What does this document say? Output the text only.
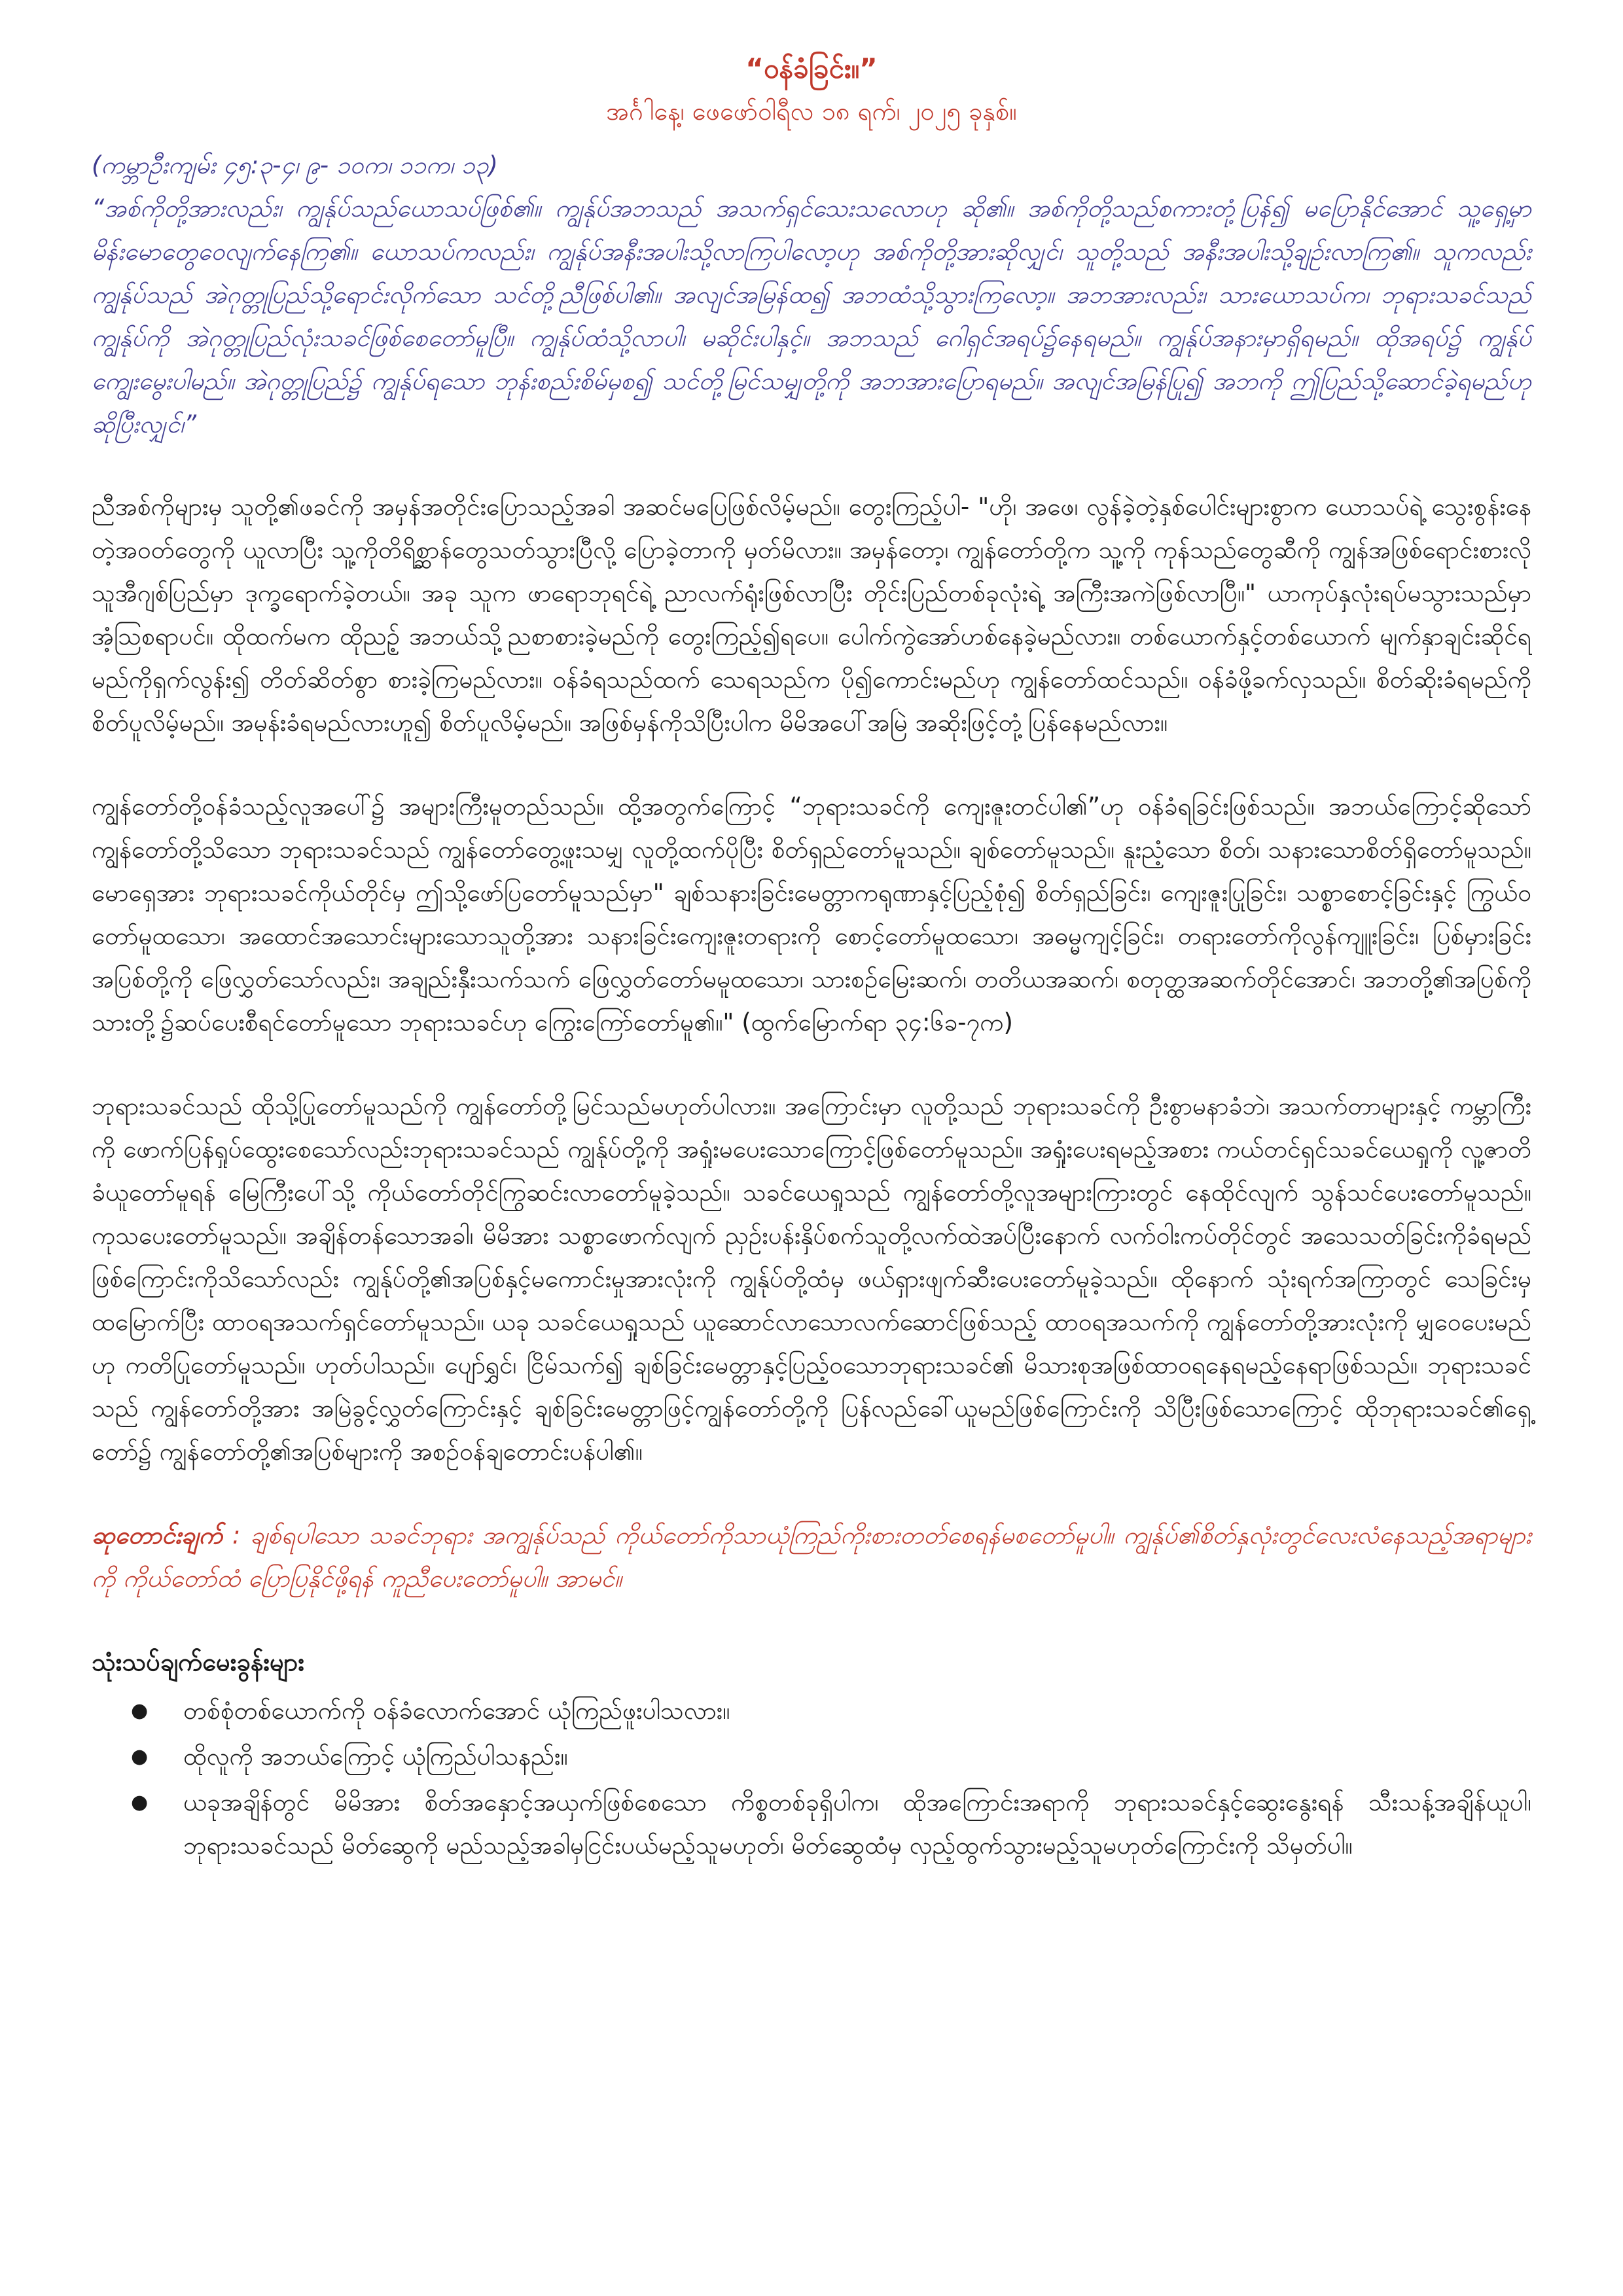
“ဝန်ခံခြင်း။”

အင်္ဂါနေ့၊ ဖေဖော်ဝါရီလ ၁၈ ရက်၊ ၂၀၂၅ ခုနှစ်။

(ကမ္ဘာဦးကျမ်း ၄၅:၃-၄၊ ၉- ၁၀က၊ ၁၁က၊ ၁၃)

“အစ်ကိုတို့အားလည်း၊ ကျွန်ုပ်သည်ယောသပ်ဖြစ်၏။ ကျွန်ုပ်အဘသည် အသက်ရှင်သေးသလောဟု ဆို၏။ အစ်ကိုတို့သည်စကားတုံ့ပြန်၍ မပြောနိုင်အောင် သူ့ရှေ့မှာ မိန်းမောတွေဝေလျက်နေကြ၏။ ယောသပ်ကလည်း၊ ကျွန်ုပ်အနီးအပါးသို့လာကြပါလော့ဟု အစ်ကိုတို့အားဆိုလျှင်၊ သူတို့သည် အနီးအပါးသို့ချဉ်းလာကြ၏။ သူကလည်းကျွန်ုပ်သည် အဲဂုတ္တုပြည်သို့ရောင်းလိုက်သော သင်တို့ညီဖြစ်ပါ၏။ အလျင်အမြန်ထ၍ အဘထံသို့သွားကြလော့။ အဘအားလည်း၊ သားယောသပ်က၊ ဘုရားသခင်သည် ကျွန်ုပ်ကို အဲဂုတ္တုပြည်လုံးသခင်ဖြစ်စေတော်မူပြီ။ ကျွန်ုပ်ထံသို့လာပါ၊ မဆိုင်းပါနှင့်။ အဘသည် ဂေါရှင်အရပ်၌နေရမည်။ ကျွန်ုပ်အနားမှာရှိရမည်။ ထိုအရပ်၌ ကျွန်ုပ်ကျွေးမွေးပါမည်။ အဲဂုတ္တုပြည်၌ ကျွန်ုပ်ရသော ဘုန်းစည်းစိမ်မှစ၍ သင်တို့မြင်သမျှတို့ကို အဘအားပြောရမည်။ အလျင်အမြန်ပြု၍ အဘကို ဤပြည်သို့ဆောင်ခဲ့ရမည်ဟု ဆိုပြီးလျှင်၊”

ညီအစ်ကိုများမှ သူတို့၏ဖခင်ကို အမှန်အတိုင်းပြောသည့်အခါ အဆင်မပြေဖြစ်လိမ့်မည်။ တွေးကြည့်ပါ- "ဟို၊ အဖေ၊ လွန်ခဲ့တဲ့နှစ်ပေါင်းများစွာက ယောသပ်ရဲ့ သွေးစွန်းနေတဲ့အဝတ်တွေကို ယူလာပြီး သူ့ကိုတိရိစ္ဆာန်တွေသတ်သွားပြီလို့ ပြောခဲ့တာကို မှတ်မိလား။ အမှန်တော့၊ ကျွန်တော်တို့က သူ့ကို ကုန်သည်တွေဆီကို ကျွန်အဖြစ်ရောင်းစားလို သူအီဂျစ်ပြည်မှာ ဒုက္ခရောက်ခဲ့တယ်။ အခု သူက ဖာရောဘုရင်ရဲ့ ညာလက်ရုံးဖြစ်လာပြီး တိုင်းပြည်တစ်ခုလုံးရဲ့ အကြီးအကဲဖြစ်လာပြီ။" ယာကုပ်နှလုံးရပ်မသွားသည်မှာအံ့ဩစရာပင်။ ထိုထက်မက ထိုညဉ့် အဘယ်သို့ညစာစားခဲ့မည်ကို တွေးကြည့်၍ရပေ။ ပေါက်ကွဲအော်ဟစ်နေခဲ့မည်လား။ တစ်ယောက်နှင့်တစ်ယောက် မျက်နှာချင်းဆိုင်ရမည်ကိုရှက်လွန်း၍ တိတ်ဆိတ်စွာ စားခဲ့ကြမည်လား။ ဝန်ခံရသည်ထက် သေရသည်က ပို၍ကောင်းမည်ဟု ကျွန်တော်ထင်သည်။ ဝန်ခံဖို့ခက်လှသည်။ စိတ်ဆိုးခံရမည်ကို စိတ်ပူလိမ့်မည်။ အမုန်းခံရမည်လားဟူ၍ စိတ်ပူလိမ့်မည်။ အဖြစ်မှန်ကိုသိပြီးပါက မိမိအပေါ်အမြဲ အဆိုးဖြင့်တုံ့ပြန်နေမည်လား။

ကျွန်တော်တို့ဝန်ခံသည့်လူအပေါ်၌ အများကြီးမူတည်သည်။ ထို့အတွက်ကြောင့် “ဘုရားသခင်ကို ကျေးဇူးတင်ပါ၏”ဟု ဝန်ခံရခြင်းဖြစ်သည်။ အဘယ်ကြောင့်ဆိုသော် ကျွန်တော်တို့သိသော ဘုရားသခင်သည် ကျွန်တော်တွေ့ဖူးသမျှ လူတို့ထက်ပိုပြီး စိတ်ရှည်တော်မူသည်။ ချစ်တော်မူသည်။ နူးညံ့သော စိတ်၊ သနားသောစိတ်ရှိတော်မူသည်။ မောရှေအား ဘုရားသခင်ကိုယ်တိုင်မှ ဤသို့ဖော်ပြတော်မူသည်မှာ" ချစ်သနားခြင်းမေတ္တာကရုဏာနှင့်ပြည့်စုံ၍ စိတ်ရှည်ခြင်း၊ ကျေးဇူးပြုခြင်း၊ သစ္စာစောင့်ခြင်းနှင့် ကြွယ်ဝတော်မူထသော၊ အထောင်အသောင်းများသောသူတို့အား သနားခြင်းကျေးဇူးတရားကို စောင့်တော်မူထသော၊ အဓမ္မကျင့်ခြင်း၊ တရားတော်ကိုလွန်ကျူးခြင်း၊ ပြစ်မှားခြင်းအပြစ်တို့ကို ဖြေလွှတ်သော်လည်း၊ အချည်းနှီးသက်သက် ဖြေလွှတ်တော်မမူထသော၊ သားစဉ်မြေးဆက်၊ တတိယအဆက်၊ စတုတ္ထအဆက်တိုင်အောင်၊ အဘတို့၏အပြစ်ကို သားတို့၌ဆပ်ပေးစီရင်တော်မူသော ဘုရားသခင်ဟု ကြွေးကြော်တော်မူ၏။" (ထွက်မြောက်ရာ ၃၄:၆ခ-၇က)

ဘုရားသခင်သည် ထိုသို့ပြုတော်မူသည်ကို ကျွန်တော်တို့မြင်သည်မဟုတ်ပါလား။ အကြောင်းမှာ လူတို့သည် ဘုရားသခင်ကို ဦးစွာမနာခံဘဲ၊ အသက်တာများနှင့် ကမ္ဘာကြီးကို ဖောက်ပြန်ရှုပ်ထွေးစေသော်လည်းဘုရားသခင်သည် ကျွန်ုပ်တို့ကို အရှုံးမပေးသောကြောင့်ဖြစ်တော်မူသည်။ အရှုံးပေးရမည့်အစား ကယ်တင်ရှင်သခင်ယေရှုကို လူ့ဇာတိခံယူတော်မူရန် မြေကြီးပေါ်သို့ ကိုယ်တော်တိုင်ကြွဆင်းလာတော်မူခဲ့သည်။ သခင်ယေရှုသည် ကျွန်တော်တို့လူအများကြားတွင် နေထိုင်လျက် သွန်သင်ပေးတော်မူသည်။ ကုသပေးတော်မူသည်။ အချိန်တန်သောအခါ၊ မိမိအား သစ္စာဖောက်လျက် ညှဉ်းပန်းနှိပ်စက်သူတို့လက်ထဲအပ်ပြီးနောက် လက်ဝါးကပ်တိုင်တွင် အသေသတ်ခြင်းကိုခံရမည်ဖြစ်ကြောင်းကိုသိသော်လည်း ကျွန်ုပ်တို့၏အပြစ်နှင့်မကောင်းမှုအားလုံးကို ကျွန်ုပ်တို့ထံမှ ဖယ်ရှားဖျက်ဆီးပေးတော်မူခဲ့သည်။ ထိုနောက် သုံးရက်အကြာတွင် သေခြင်းမှထမြောက်ပြီး ထာဝရအသက်ရှင်တော်မူသည်။ ယခု သခင်ယေရှုသည် ယူဆောင်လာသောလက်ဆောင်ဖြစ်သည့် ထာဝရအသက်ကို ကျွန်တော်တို့အားလုံးကို မျှဝေပေးမည်ဟု ကတိပြုတော်မူသည်။ ဟုတ်ပါသည်။ ပျော်ရွှင်၊ ငြိမ်သက်၍ ချစ်ခြင်းမေတ္တာနှင့်ပြည့်ဝသောဘုရားသခင်၏ မိသားစုအဖြစ်ထာဝရနေရမည့်နေရာဖြစ်သည်။ ဘုရားသခင်သည် ကျွန်တော်တို့အား အမြဲခွင့်လွှတ်ကြောင်းနှင့် ချစ်ခြင်းမေတ္တာဖြင့်ကျွန်တော်တို့ကို ပြန်လည်ခေါ်ယူမည်ဖြစ်ကြောင်းကို သိပြီးဖြစ်သောကြောင့် ထိုဘုရားသခင်၏ရှေ့တော်၌ ကျွန်တော်တို့၏အပြစ်များကို အစဉ်ဝန်ချတောင်းပန်ပါ၏။

ဆုတောင်းချက် : ချစ်ရပါသော သခင်ဘုရား အကျွန်ုပ်သည် ကိုယ်တော်ကိုသာယုံကြည်ကိုးစားတတ်စေရန်မစတော်မူပါ။ ကျွန်ုပ်၏စိတ်နှလုံးတွင်လေးလံနေသည့်အရာများကို ကိုယ်တော်ထံ ပြောပြနိုင်ဖို့ရန် ကူညီပေးတော်မူပါ။ အာမင်။

သုံးသပ်ချက်မေးခွန်းများ

● တစ်စုံတစ်ယောက်ကို ဝန်ခံလောက်အောင် ယုံကြည်ဖူးပါသလား။
● ထိုလူကို အဘယ်ကြောင့် ယုံကြည်ပါသနည်း။
● ယခုအချိန်တွင် မိမိအား စိတ်အနှောင့်အယှက်ဖြစ်စေသော ကိစ္စတစ်ခုရှိပါက၊ ထိုအကြောင်းအရာကို ဘုရားသခင်နှင့်ဆွေးနွေးရန် သီးသန့်အချိန်ယူပါ၊ ဘုရားသခင်သည် မိတ်ဆွေကို မည်သည့်အခါမှငြင်းပယ်မည့်သူမဟုတ်၊ မိတ်ဆွေထံမှ လှည့်ထွက်သွားမည့်သူမဟုတ်ကြောင်းကို သိမှတ်ပါ။
